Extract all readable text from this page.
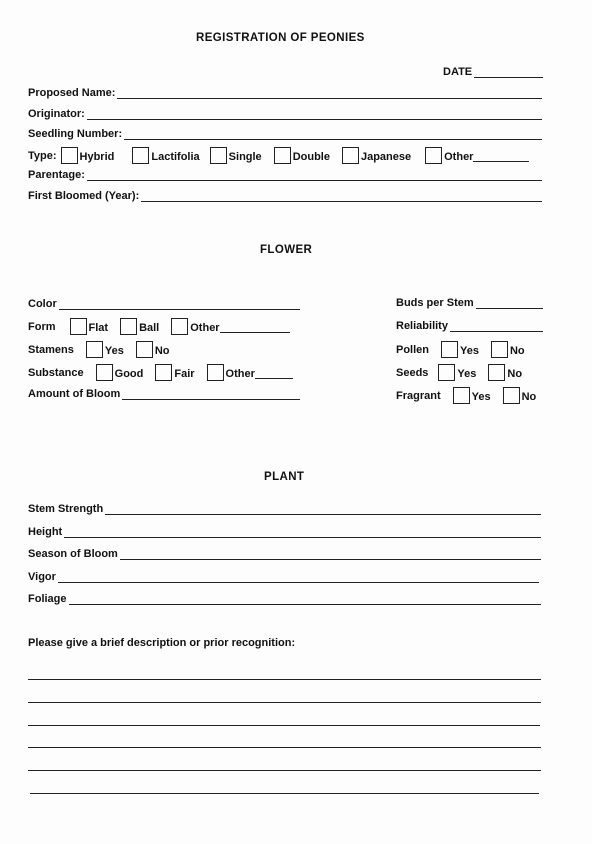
REGISTRATION OF PEONIES
DATE
Proposed Name:
Originator:
Seedling Number:
Type:	Hybrid	Lactifolia	Single	Double	Japanese	Other
Parentage:
First Bloomed (Year):
FLOWER
Color
Form	Flat	Ball	Other
Stamens	Yes	No
Substance	Good	Fair	Other
Amount of Bloom
Buds per Stem
Reliability
Pollen	Yes	No
Seeds	Yes	No
Fragrant	Yes	No
PLANT
Stem Strength
Height
Season of Bloom
Vigor
Foliage
Please give a brief description or prior recognition:
